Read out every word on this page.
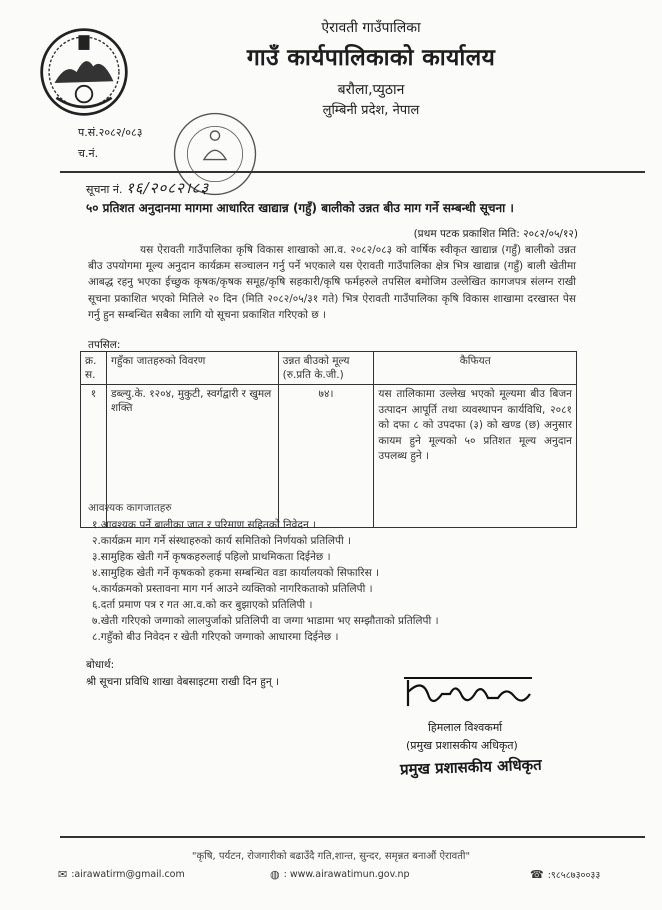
ऐरावती गाउँपालिका
गाउँ कार्यपालिकाको कार्यालय
बरौला,प्युठान
लुम्बिनी प्रदेश, नेपाल
प.सं.२०८२/०८३
च.नं.
सूचना नं. १६/२०८२।८३
५० प्रतिशत अनुदानमा मागमा आधारित खाद्यान्न (गहुँ) बालीको उन्नत बीउ माग गर्ने सम्बन्धी सूचना ।
(प्रथम पटक प्रकाशित मिति: २०८२/०५/१२)
यस ऐरावती गाउँपालिका कृषि विकास शाखाको आ.व. २०८२/०८३ को वार्षिक स्वीकृत खाद्यान्न (गहुँ) बालीको उन्नत बीउ उपयोगमा मूल्य अनुदान कार्यक्रम सञ्चालन गर्नु पर्ने भएकाले यस ऐरावती गाउँपालिका क्षेत्र भित्र खाद्यान्न (गहुँ) बाली खेतीमा आबद्ध रहनु भएका ईच्छुक कृषक/कृषक समूह/कृषि सहकारी/कृषि फर्महरुले तपसिल बमोजिम उल्लेखित कागजपत्र संलग्न राखी सूचना प्रकाशित भएको मितिले २० दिन (मिति २०८२/०५/३१ गते) भित्र ऐरावती गाउँपालिका कृषि विकास शाखामा दरखास्त पेस गर्नु हुन सम्बन्धित सबैका लागि यो सूचना प्रकाशित गरिएको छ ।
तपसिल:
क्र. स.	गहुँका जातहरुको विवरण	उन्नत बीउको मूल्य (रु.प्रति के.जी.)	कैफियत
१	डब्ल्यु.के. १२०४, मुकुटी, स्वर्गद्वारी र खुमल शक्ति	७४।	यस तालिकामा उल्लेख भएको मूल्यमा बीउ बिजन उत्पादन आपूर्ति तथा व्यवस्थापन कार्यविधि, २०८१ को दफा ८ को उपदफा (३) को खण्ड (छ) अनुसार कायम हुने मूल्यको ५० प्रतिशत मूल्य अनुदान उपलब्ध हुने ।
आवश्यक कागजातहरु
१.आवश्यक पर्ने बालीका जात र परिमाण सहितको निवेदन ।
२.कार्यक्रम माग गर्ने संस्थाहरुको कार्य समितिको निर्णयको प्रतिलिपी ।
३.सामुहिक खेती गर्ने कृषकहरुलाई पहिलो प्राथमिकता दिईनेछ ।
४.सामुहिक खेती गर्ने कृषकको हकमा सम्बन्धित वडा कार्यालयको सिफारिस ।
५.कार्यक्रमको प्रस्तावना माग गर्न आउने व्यक्तिको नागरिकताको प्रतिलिपी ।
६.दर्ता प्रमाण पत्र र गत आ.व.को कर बुझाएको प्रतिलिपी ।
७.खेती गरिएको जग्गाको लालपुर्जाको प्रतिलिपी वा जग्गा भाडामा भए सम्झौताको प्रतिलिपी ।
८.गहुँको बीउ निवेदन र खेती गरिएको जग्गाको आधारमा दिईनेछ ।
बोधार्थ:
श्री सूचना प्रविधि शाखा वेबसाइटमा राखी दिन हुन् ।
हिमलाल विश्वकर्मा
(प्रमुख प्रशासकीय अधिकृत)
प्रमुख प्रशासकीय अधिकृत
"कृषि, पर्यटन, रोजगारीको बढाउँदै गति,शान्त, सुन्दर, समृन्नत बनाऔं ऐरावती"
✉ :airawatirm@gmail.com	◍ : www.airawatimun.gov.np	☎ :९८५८७३००३३
